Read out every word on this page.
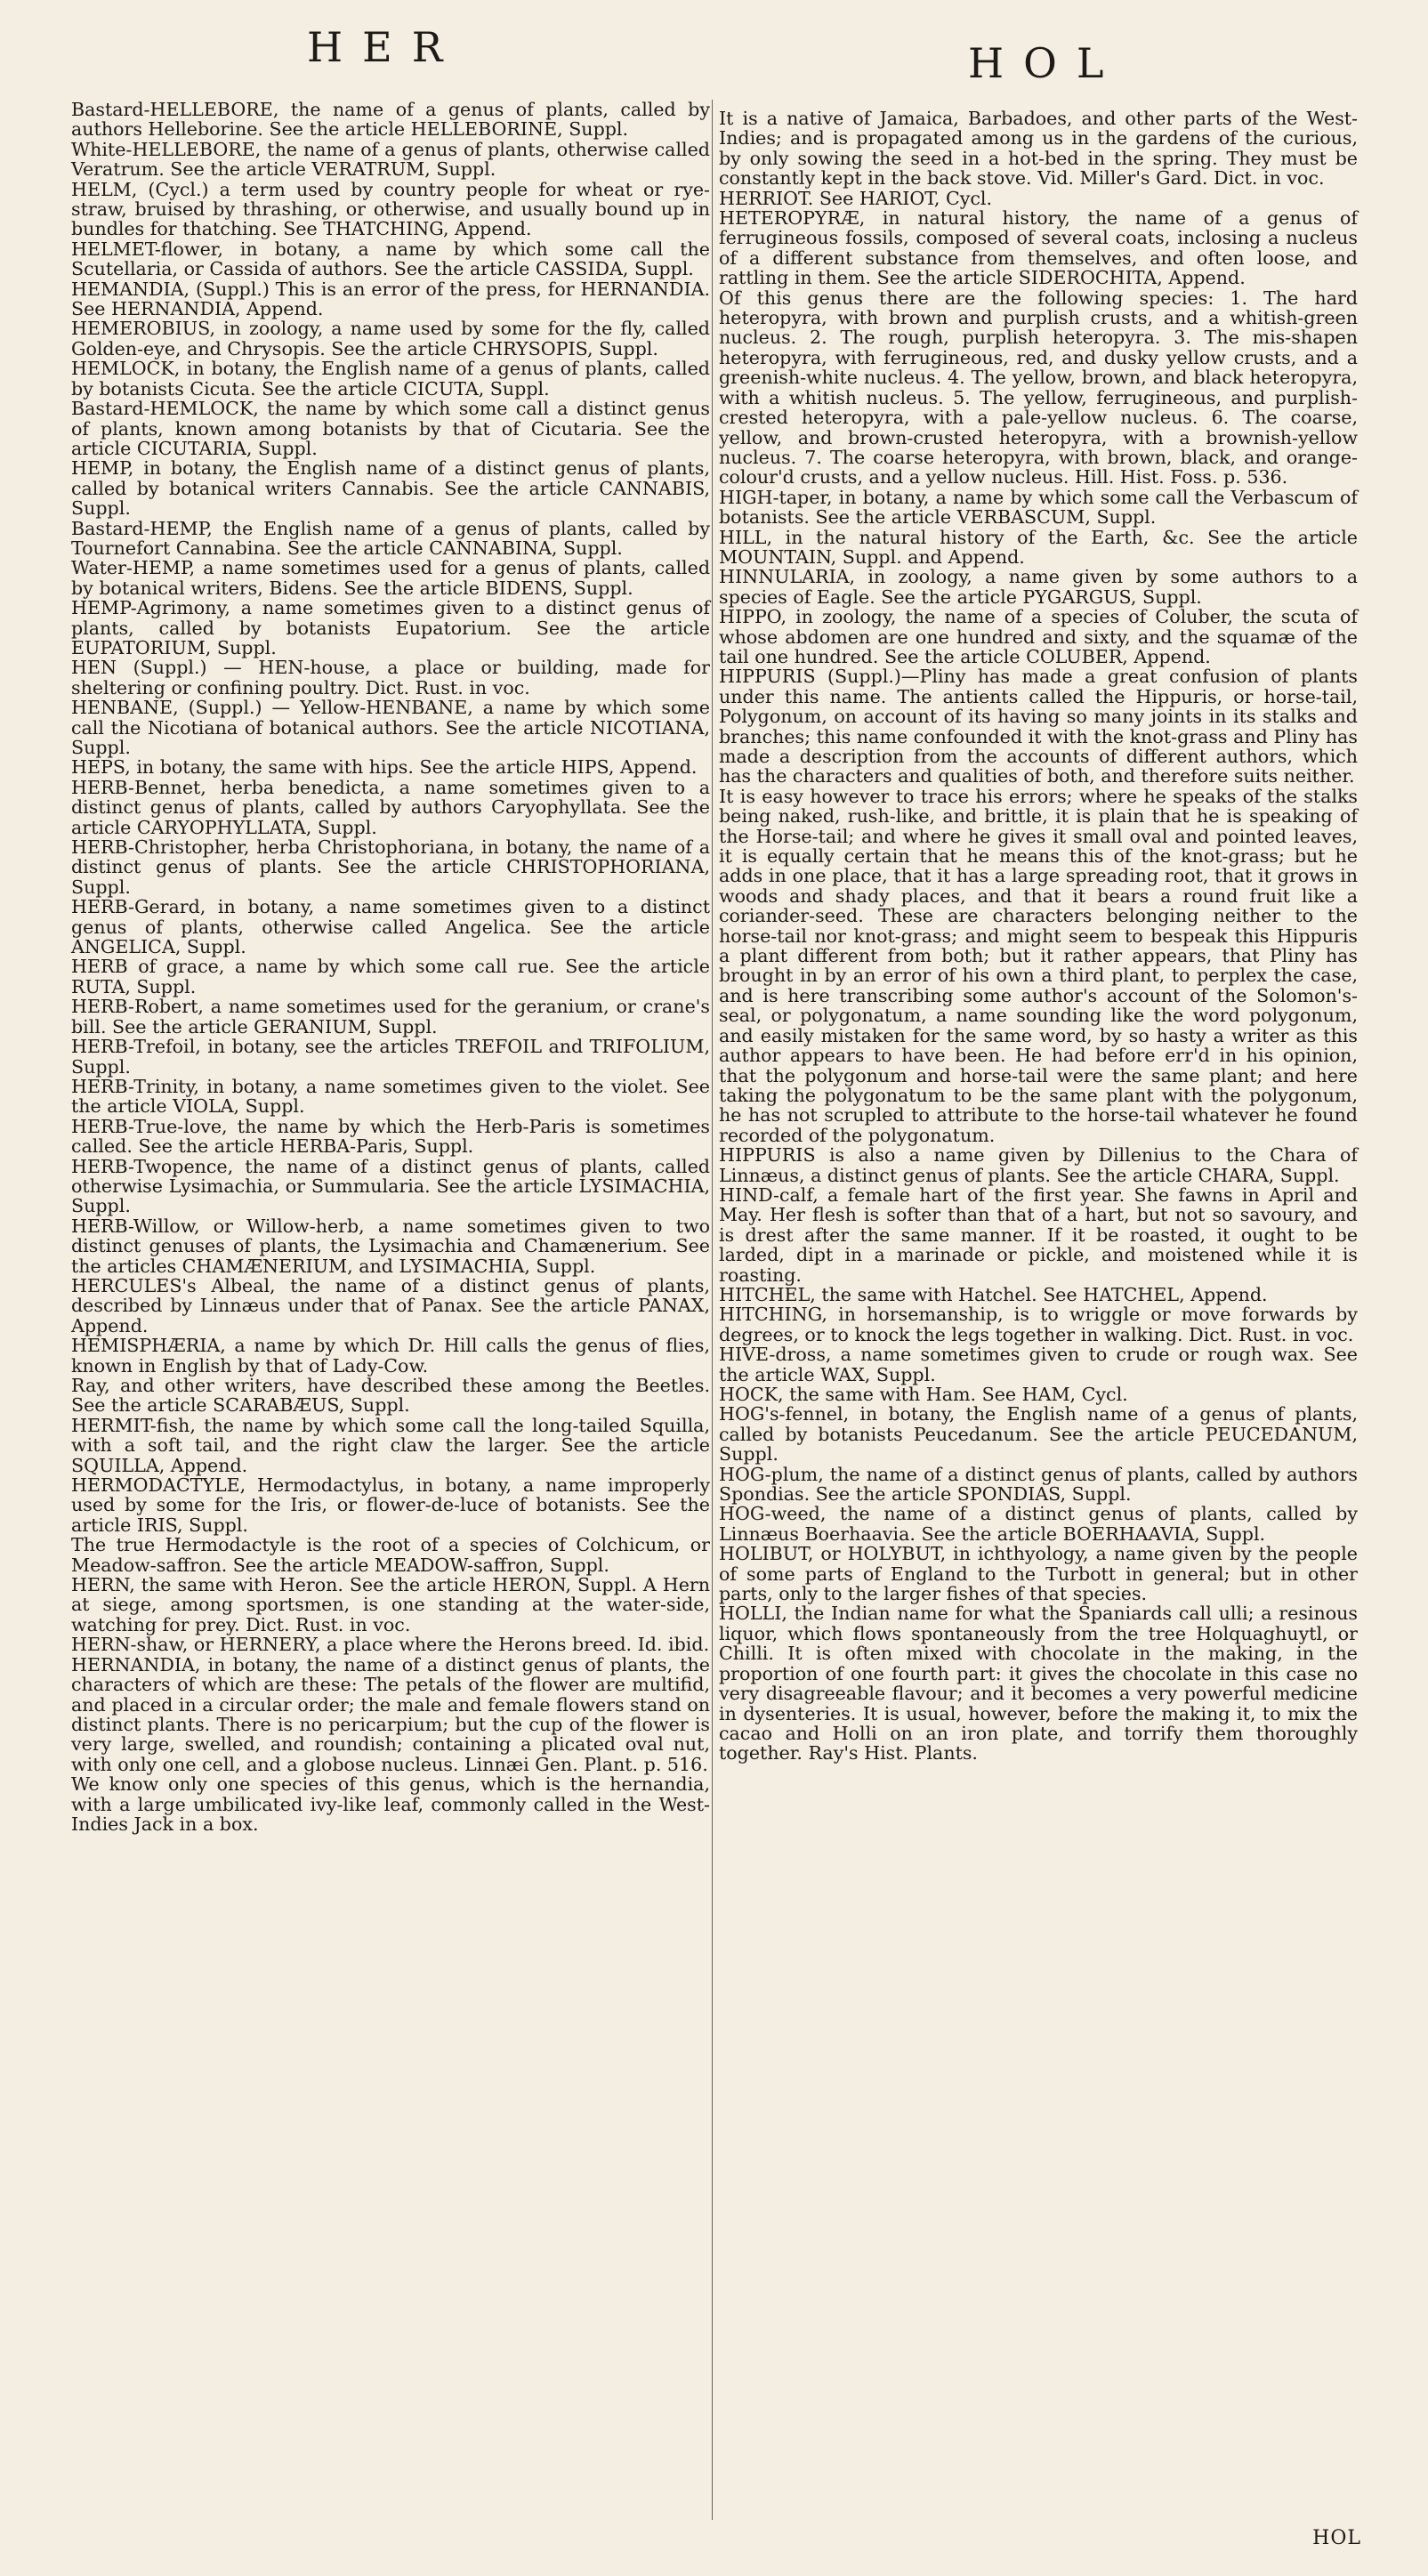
HER	HOL

Bastard-HELLEBORE, the name of a genus of plants, called by authors Helleborine. See the article HELLEBORINE, Suppl.

White-HELLEBORE, the name of a genus of plants, otherwise called Veratrum. See the article VERATRUM, Suppl.

HELM, (Cycl.) a term used by country people for wheat or rye-straw, bruised by thrashing, or otherwise, and usually bound up in bundles for thatching. See THATCHING, Append.

HELMET-flower, in botany, a name by which some call the Scutellaria, or Cassida of authors. See the article CASSIDA, Suppl.

HEMANDIA, (Suppl.) This is an error of the press, for HERNANDIA. See HERNANDIA, Append.

HEMEROBIUS, in zoology, a name used by some for the fly, called Golden-eye, and Chrysopis. See the article CHRYSOPIS, Suppl.

HEMLOCK, in botany, the English name of a genus of plants, called by botanists Cicuta. See the article CICUTA, Suppl.

Bastard-HEMLOCK, the name by which some call a distinct genus of plants, known among botanists by that of Cicutaria. See the article CICUTARIA, Suppl.

HEMP, in botany, the English name of a distinct genus of plants, called by botanical writers Cannabis. See the article CANNABIS, Suppl.

Bastard-HEMP, the English name of a genus of plants, called by Tournefort Cannabina. See the article CANNABINA, Suppl.

Water-HEMP, a name sometimes used for a genus of plants, called by botanical writers, Bidens. See the article BIDENS, Suppl.

HEMP-Agrimony, a name sometimes given to a distinct genus of plants, called by botanists Eupatorium. See the article EUPATORIUM, Suppl.

HEN (Suppl.) — HEN-house, a place or building, made for sheltering or confining poultry. Dict. Rust. in voc.

HENBANE, (Suppl.) — Yellow-HENBANE, a name by which some call the Nicotiana of botanical authors. See the article NICOTIANA, Suppl.

HEPS, in botany, the same with hips. See the article HIPS, Append.

HERB-Bennet, herba benedicta, a name sometimes given to a distinct genus of plants, called by authors Caryophyllata. See the article CARYOPHYLLATA, Suppl.

HERB-Christopher, herba Christophoriana, in botany, the name of a distinct genus of plants. See the article CHRISTOPHORIANA, Suppl.

HERB-Gerard, in botany, a name sometimes given to a distinct genus of plants, otherwise called Angelica. See the article ANGELICA, Suppl.

HERB of grace, a name by which some call rue. See the article RUTA, Suppl.

HERB-Robert, a name sometimes used for the geranium, or crane's bill. See the article GERANIUM, Suppl.

HERB-Trefoil, in botany, see the articles TREFOIL and TRIFOLIUM, Suppl.

HERB-Trinity, in botany, a name sometimes given to the violet. See the article VIOLA, Suppl.

HERB-True-love, the name by which the Herb-Paris is sometimes called. See the article HERBA-Paris, Suppl.

HERB-Twopence, the name of a distinct genus of plants, called otherwise Lysimachia, or Summularia. See the article LYSIMACHIA, Suppl.

HERB-Willow, or Willow-herb, a name sometimes given to two distinct genuses of plants, the Lysimachia and Chamænerium. See the articles CHAMÆNERIUM, and LYSIMACHIA, Suppl.

HERCULES's Albeal, the name of a distinct genus of plants, described by Linnæus under that of Panax. See the article PANAX, Append.

HEMISPHÆRIA, a name by which Dr. Hill calls the genus of flies, known in English by that of Lady-Cow.

Ray, and other writers, have described these among the Beetles. See the article SCARABÆUS, Suppl.

HERMIT-fish, the name by which some call the long-tailed Squilla, with a soft tail, and the right claw the larger. See the article SQUILLA, Append.

HERMODACTYLE, Hermodactylus, in botany, a name improperly used by some for the Iris, or flower-de-luce of botanists. See the article IRIS, Suppl.

The true Hermodactyle is the root of a species of Colchicum, or Meadow-saffron. See the article MEADOW-saffron, Suppl.

HERN, the same with Heron. See the article HERON, Suppl. A Hern at siege, among sportsmen, is one standing at the water-side, watching for prey. Dict. Rust. in voc.

HERN-shaw, or HERNERY, a place where the Herons breed. Id. ibid.

HERNANDIA, in botany, the name of a distinct genus of plants, the characters of which are these: The petals of the flower are multifid, and placed in a circular order; the male and female flowers stand on distinct plants. There is no pericarpium; but the cup of the flower is very large, swelled, and roundish; containing a plicated oval nut, with only one cell, and a globose nucleus. Linnæi Gen. Plant. p. 516.

We know only one species of this genus, which is the hernandia, with a large umbilicated ivy-like leaf, commonly called in the West-Indies Jack in a box.

It is a native of Jamaica, Barbadoes, and other parts of the West-Indies; and is propagated among us in the gardens of the curious, by only sowing the seed in a hot-bed in the spring. They must be constantly kept in the back stove. Vid. Miller's Gard. Dict. in voc.

HERRIOT. See HARIOT, Cycl.

HETEROPYRÆ, in natural history, the name of a genus of ferrugineous fossils, composed of several coats, inclosing a nucleus of a different substance from themselves, and often loose, and rattling in them. See the article SIDEROCHITA, Append.

Of this genus there are the following species: 1. The hard heteropyra, with brown and purplish crusts, and a whitish-green nucleus. 2. The rough, purplish heteropyra. 3. The mis-shapen heteropyra, with ferrugineous, red, and dusky yellow crusts, and a greenish-white nucleus. 4. The yellow, brown, and black heteropyra, with a whitish nucleus. 5. The yellow, ferrugineous, and purplish-crested heteropyra, with a pale-yellow nucleus. 6. The coarse, yellow, and brown-crusted heteropyra, with a brownish-yellow nucleus. 7. The coarse heteropyra, with brown, black, and orange-colour'd crusts, and a yellow nucleus. Hill. Hist. Foss. p. 536.

HIGH-taper, in botany, a name by which some call the Verbascum of botanists. See the article VERBASCUM, Suppl.

HILL, in the natural history of the Earth, &c. See the article MOUNTAIN, Suppl. and Append.

HINNULARIA, in zoology, a name given by some authors to a species of Eagle. See the article PYGARGUS, Suppl.

HIPPO, in zoology, the name of a species of Coluber, the scuta of whose abdomen are one hundred and sixty, and the squamæ of the tail one hundred. See the article COLUBER, Append.

HIPPURIS (Suppl.)—Pliny has made a great confusion of plants under this name. The antients called the Hippuris, or horse-tail, Polygonum, on account of its having so many joints in its stalks and branches; this name confounded it with the knot-grass and Pliny has made a description from the accounts of different authors, which has the characters and qualities of both, and therefore suits neither.

It is easy however to trace his errors; where he speaks of the stalks being naked, rush-like, and brittle, it is plain that he is speaking of the Horse-tail; and where he gives it small oval and pointed leaves, it is equally certain that he means this of the knot-grass; but he adds in one place, that it has a large spreading root, that it grows in woods and shady places, and that it bears a round fruit like a coriander-seed. These are characters belonging neither to the horse-tail nor knot-grass; and might seem to bespeak this Hippuris a plant different from both; but it rather appears, that Pliny has brought in by an error of his own a third plant, to perplex the case, and is here transcribing some author's account of the Solomon's-seal, or polygonatum, a name sounding like the word polygonum, and easily mistaken for the same word, by so hasty a writer as this author appears to have been. He had before err'd in his opinion, that the polygonum and horse-tail were the same plant; and here taking the polygonatum to be the same plant with the polygonum, he has not scrupled to attribute to the horse-tail whatever he found recorded of the polygonatum.

HIPPURIS is also a name given by Dillenius to the Chara of Linnæus, a distinct genus of plants. See the article CHARA, Suppl.

HIND-calf, a female hart of the first year. She fawns in April and May. Her flesh is softer than that of a hart, but not so savoury, and is drest after the same manner. If it be roasted, it ought to be larded, dipt in a marinade or pickle, and moistened while it is roasting.

HITCHEL, the same with Hatchel. See HATCHEL, Append.

HITCHING, in horsemanship, is to wriggle or move forwards by degrees, or to knock the legs together in walking. Dict. Rust. in voc.

HIVE-dross, a name sometimes given to crude or rough wax. See the article WAX, Suppl.

HOCK, the same with Ham. See HAM, Cycl.

HOG's-fennel, in botany, the English name of a genus of plants, called by botanists Peucedanum. See the article PEUCEDANUM, Suppl.

HOG-plum, the name of a distinct genus of plants, called by authors Spondias. See the article SPONDIAS, Suppl.

HOG-weed, the name of a distinct genus of plants, called by Linnæus Boerhaavia. See the article BOERHAAVIA, Suppl.

HOLIBUT, or HOLYBUT, in ichthyology, a name given by the people of some parts of England to the Turbott in general; but in other parts, only to the larger fishes of that species.

HOLLI, the Indian name for what the Spaniards call ulli; a resinous liquor, which flows spontaneously from the tree Holquaghuytl, or Chilli. It is often mixed with chocolate in the making, in the proportion of one fourth part: it gives the chocolate in this case no very disagreeable flavour; and it becomes a very powerful medicine in dysenteries. It is usual, however, before the making it, to mix the cacao and Holli on an iron plate, and torrify them thoroughly together. Ray's Hist. Plants.

HOL
